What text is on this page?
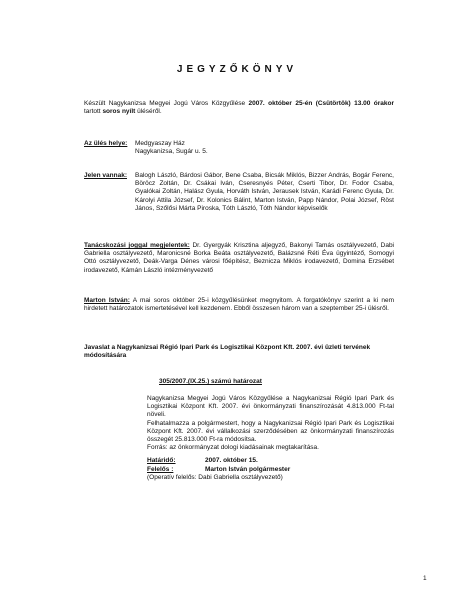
JEGYZŐKÖNYV
Készült Nagykanizsa Megyei Jogú Város Közgyűlése 2007. október 25-én (Csütörtök) 13.00 órakor tartott soros nyílt üléséről.
Az ülés helye: Medgyaszay Ház
Nagykanizsa, Sugár u. 5.
Jelen vannak: Balogh László, Bárdosi Gábor, Bene Csaba, Bicsák Miklós, Bizzer András, Bogár Ferenc, Böröcz Zoltán, Dr. Csákai Iván, Cseresnyés Péter, Cserti Tibor, Dr. Fodor Csaba, Gyalókai Zoltán, Halász Gyula, Horváth István, Jerausek István, Karádi Ferenc Gyula, Dr. Károlyi Attila József, Dr. Kolonics Bálint, Marton István, Papp Nándor, Polai József, Röst János, Szőlősi Márta Piroska, Tóth László, Tóth Nándor képviselők
Tanácskozási joggal megjelentek: Dr. Gyergyák Krisztina aljegyző, Bakonyi Tamás osztályvezető, Dabi Gabriella osztályvezető, Maronicsné Borka Beáta osztályvezető, Balázsné Réti Éva ügyintéző, Somogyi Ottó osztályvezető, Deák-Varga Dénes városi főépítész, Beznicza Miklós irodavezető, Domina Erzsébet irodavezető, Kámán László intézményvezető
Marton István: A mai soros október 25-i közgyűlésünket megnyitom. A forgatókönyv szerint a ki nem hirdetett határozatok ismertetésével kell kezdenem. Ebből összesen három van a szeptember 25-i ülésről.
Javaslat a Nagykanizsai Régió Ipari Park és Logisztikai Központ Kft. 2007. évi üzleti tervének módosítására
305/2007.(IX.25.) számú határozat
Nagykanizsa Megyei Jogú Város Közgyűlése a Nagykanizsai Régió Ipari Park és Logisztikai Központ Kft. 2007. évi önkormányzati finanszírozását 4.813.000 Ft-tal növeli.
Felhatalmazza a polgármestert, hogy a Nagykanizsai Régió Ipari Park és Logisztikai Központ Kft. 2007. évi vállalkozási szerződésében az önkormányzati finanszírozás összegét 25.813.000 Ft-ra módosítsa.
Forrás: az önkormányzat dologi kiadásainak megtakarítása.
Határidő:	2007. október 15.
Felelős :	Marton István polgármester
(Operatív felelős: Dabi Gabriella osztályvezető)
1
